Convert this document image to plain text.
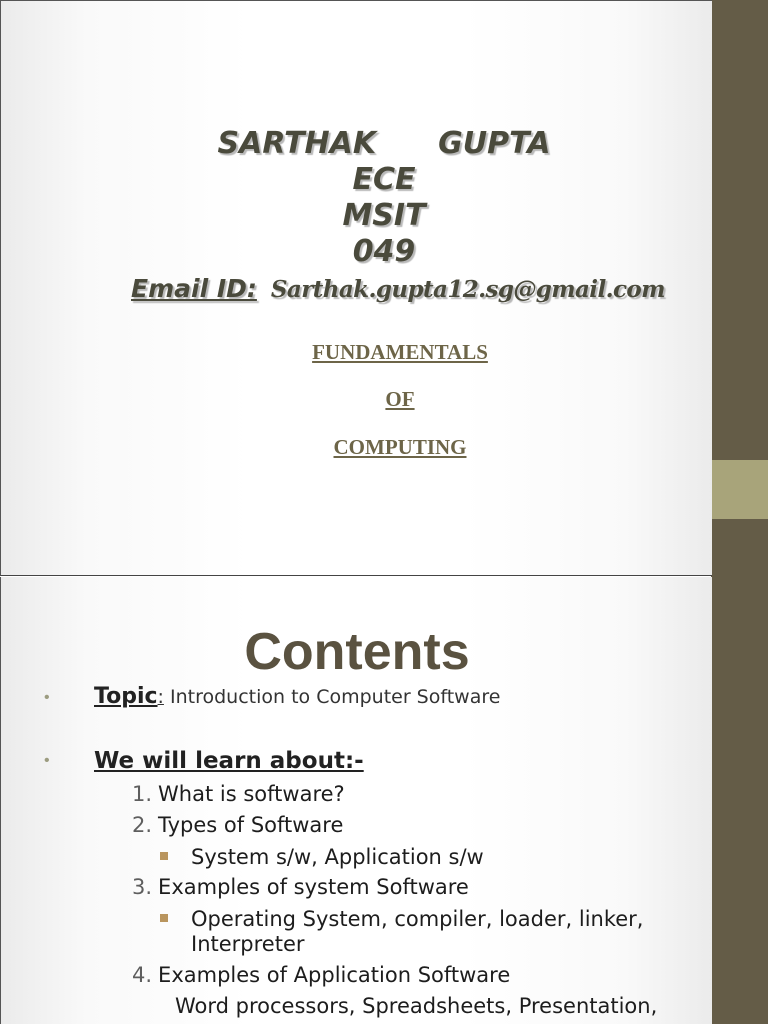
SARTHAK GUPTA
ECE
MSIT
049
Email ID: Sarthak.gupta12.sg@gmail.com
FUNDAMENTALS
OF
COMPUTING
Contents
• Topic: Introduction to Computer Software
• We will learn about:-
1. What is software?
2. Types of Software
System s/w, Application s/w
3. Examples of system Software
Operating System, compiler, loader, linker,
Interpreter
4. Examples of Application Software
Word processors, Spreadsheets, Presentation,
